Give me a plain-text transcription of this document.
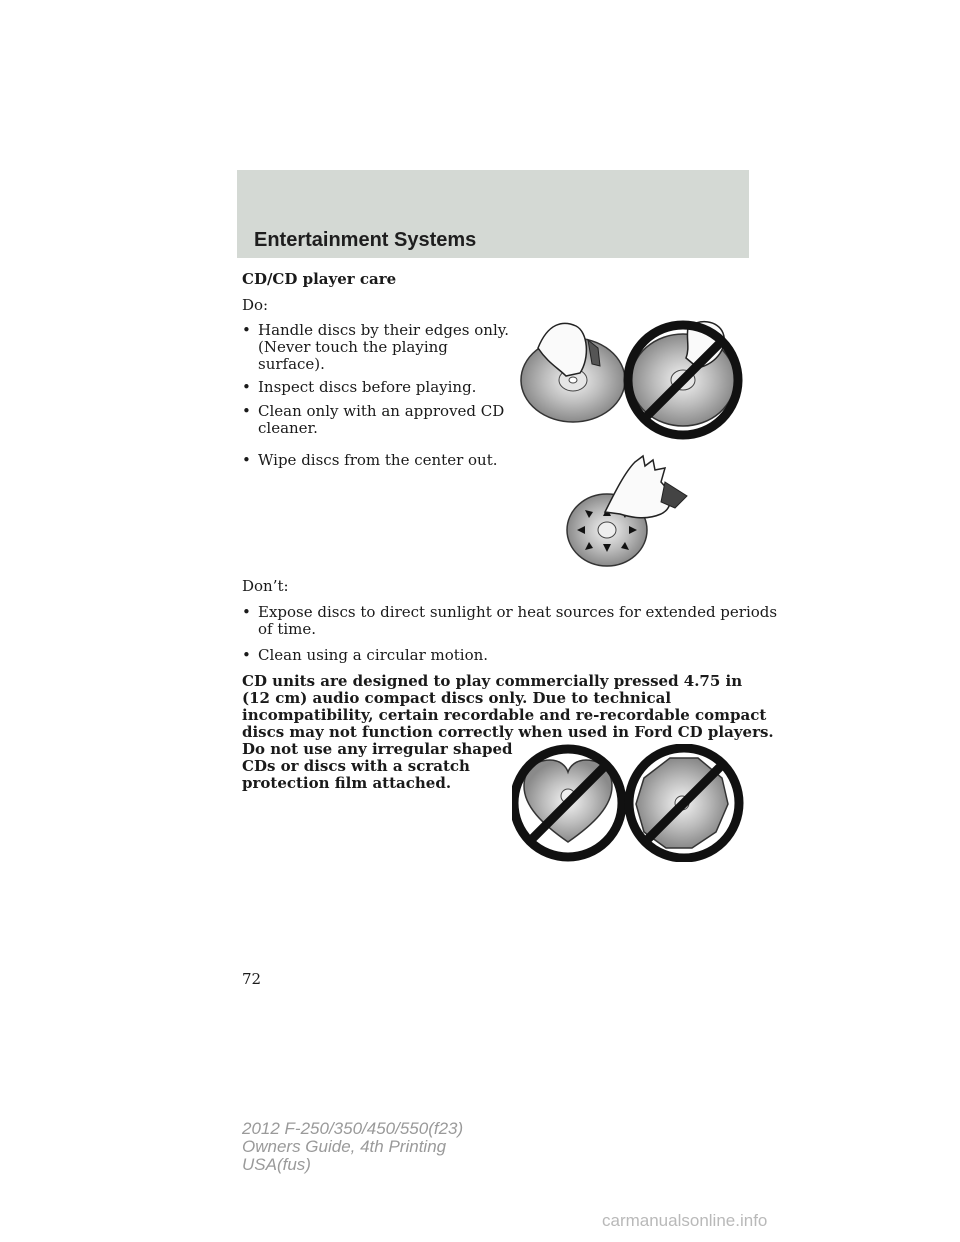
Entertainment Systems
CD/CD player care
Do:
• Handle discs by their edges only.
(Never touch the playing
surface).
• Inspect discs before playing.
• Clean only with an approved CD
cleaner.
• Wipe discs from the center out.
Don’t:
• Expose discs to direct sunlight or heat sources for extended periods
of time.
• Clean using a circular motion.
CD units are designed to play commercially pressed 4.75 in
(12 cm) audio compact discs only. Due to technical
incompatibility, certain recordable and re-recordable compact
discs may not function correctly when used in Ford CD players.
Do not use any irregular shaped
CDs or discs with a scratch
protection film attached.
72
2012 F-250/350/450/550(f23)
Owners Guide, 4th Printing
USA(fus)
carmanualsonline.info
